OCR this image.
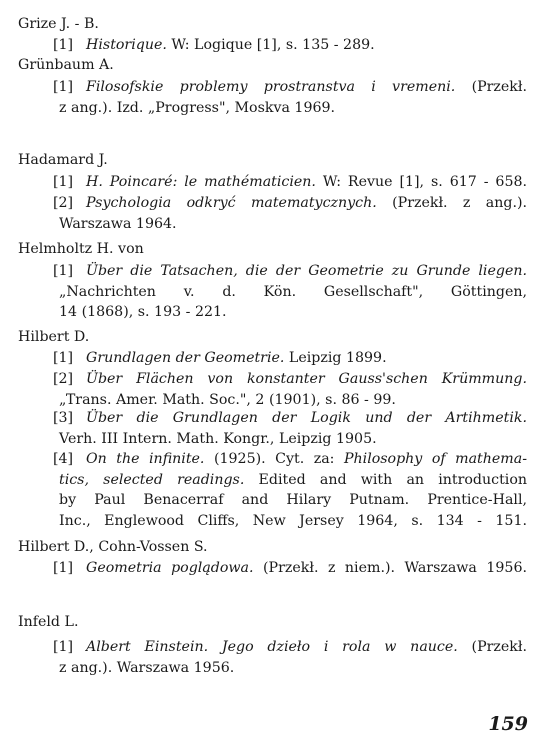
Grize J. - B.
[1] Historique. W: Logique [1], s. 135 - 289.
Grünbaum A.
[1] Filosofskie problemy prostranstva i vremeni. (Przekł.
z ang.). Izd. „Progress", Moskva 1969.
Hadamard J.
[1] H. Poincaré: le mathématicien. W: Revue [1], s. 617 - 658.
[2] Psychologia odkryć matematycznych. (Przekł. z ang.).
Warszawa 1964.
Helmholtz H. von
[1] Über die Tatsachen, die der Geometrie zu Grunde liegen.
„Nachrichten v. d. Kön. Gesellschaft", Göttingen,
14 (1868), s. 193 - 221.
Hilbert D.
[1] Grundlagen der Geometrie. Leipzig 1899.
[2] Über Flächen von konstanter Gauss'schen Krümmung.
„Trans. Amer. Math. Soc.", 2 (1901), s. 86 - 99.
[3] Über die Grundlagen der Logik und der Artihmetik.
Verh. III Intern. Math. Kongr., Leipzig 1905.
[4] On the infinite. (1925). Cyt. za: Philosophy of mathema-
tics, selected readings. Edited and with an introduction
by Paul Benacerraf and Hilary Putnam. Prentice-Hall,
Inc., Englewood Cliffs, New Jersey 1964, s. 134 - 151.
Hilbert D., Cohn-Vossen S.
[1] Geometria poglądowa. (Przekł. z niem.). Warszawa 1956.
Infeld L.
[1] Albert Einstein. Jego dzieło i rola w nauce. (Przekł.
z ang.). Warszawa 1956.
159
